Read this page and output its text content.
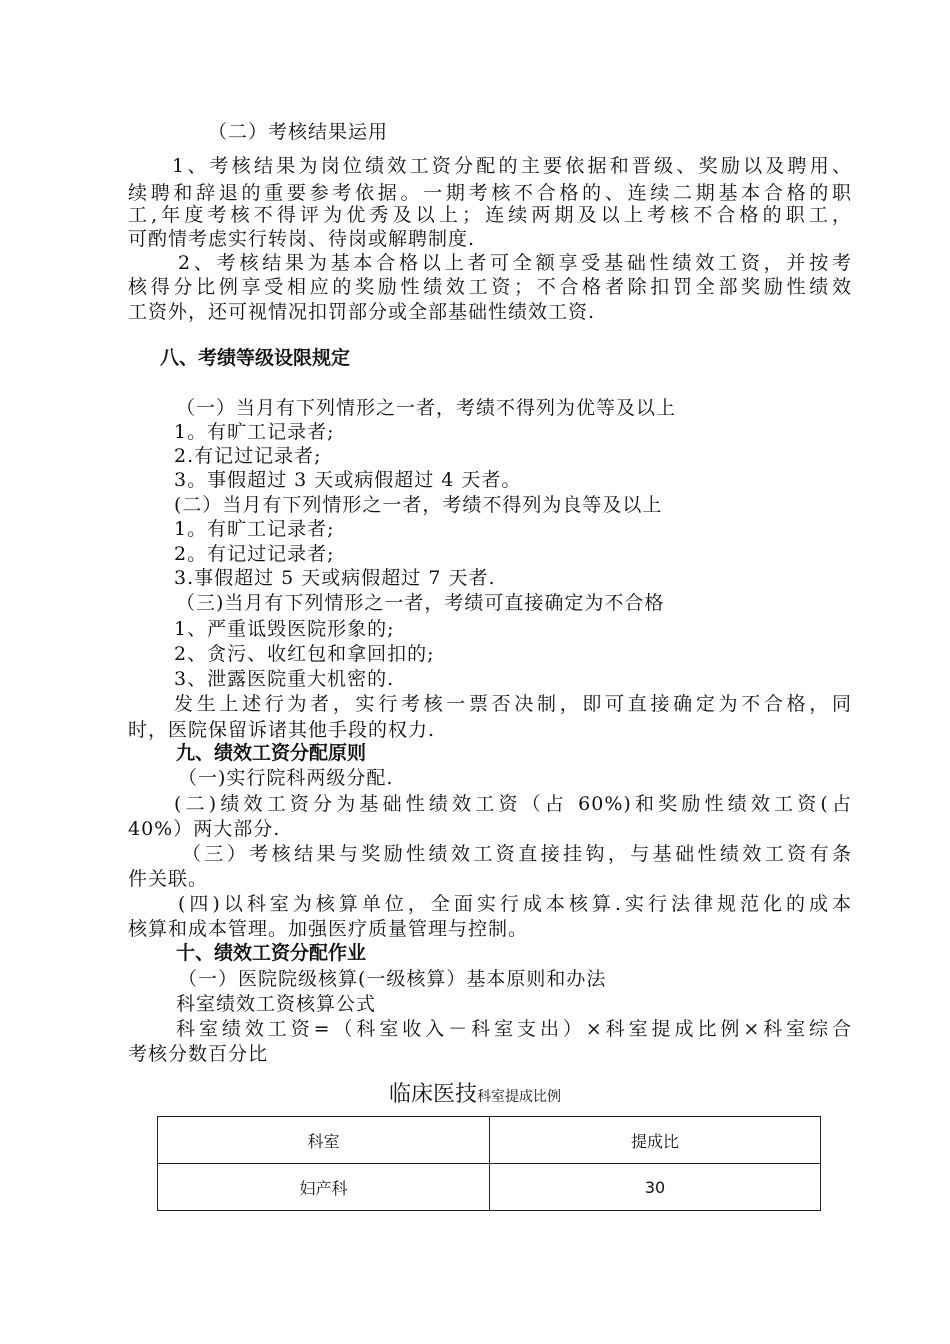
（二）考核结果运用
1、考核结果为岗位绩效工资分配的主要依据和晋级、奖励以及聘用、
续聘和辞退的重要参考依据。一期考核不合格的、连续二期基本合格的职
工,年度考核不得评为优秀及以上；连续两期及以上考核不合格的职工，
可酌情考虑实行转岗、待岗或解聘制度.
2、考核结果为基本合格以上者可全额享受基础性绩效工资，并按考
核得分比例享受相应的奖励性绩效工资；不合格者除扣罚全部奖励性绩效
工资外，还可视情况扣罚部分或全部基础性绩效工资.
八、考绩等级设限规定
（一）当月有下列情形之一者，考绩不得列为优等及以上
1。有旷工记录者;
2.有记过记录者;
3。事假超过 3 天或病假超过 4 天者。
(二）当月有下列情形之一者，考绩不得列为良等及以上
1。有旷工记录者;
2。有记过记录者;
3.事假超过 5 天或病假超过 7 天者.
（三)当月有下列情形之一者，考绩可直接确定为不合格
1、严重诋毁医院形象的;
2、贪污、收红包和拿回扣的;
3、泄露医院重大机密的.
发生上述行为者，实行考核一票否决制，即可直接确定为不合格，同
时，医院保留诉诸其他手段的权力.
九、绩效工资分配原则
（一)实行院科两级分配.
(二)绩效工资分为基础性绩效工资（占 60%)和奖励性绩效工资(占
40%）两大部分.
（三）考核结果与奖励性绩效工资直接挂钩，与基础性绩效工资有条
件关联。
(四)以科室为核算单位，全面实行成本核算.实行法律规范化的成本
核算和成本管理。加强医疗质量管理与控制。
十、绩效工资分配作业
（一）医院院级核算(一级核算）基本原则和办法
科室绩效工资核算公式
科室绩效工资=（科室收入－科室支出）×科室提成比例×科室综合
考核分数百分比
临床医技科室提成比例
科室	提成比
妇产科	30
